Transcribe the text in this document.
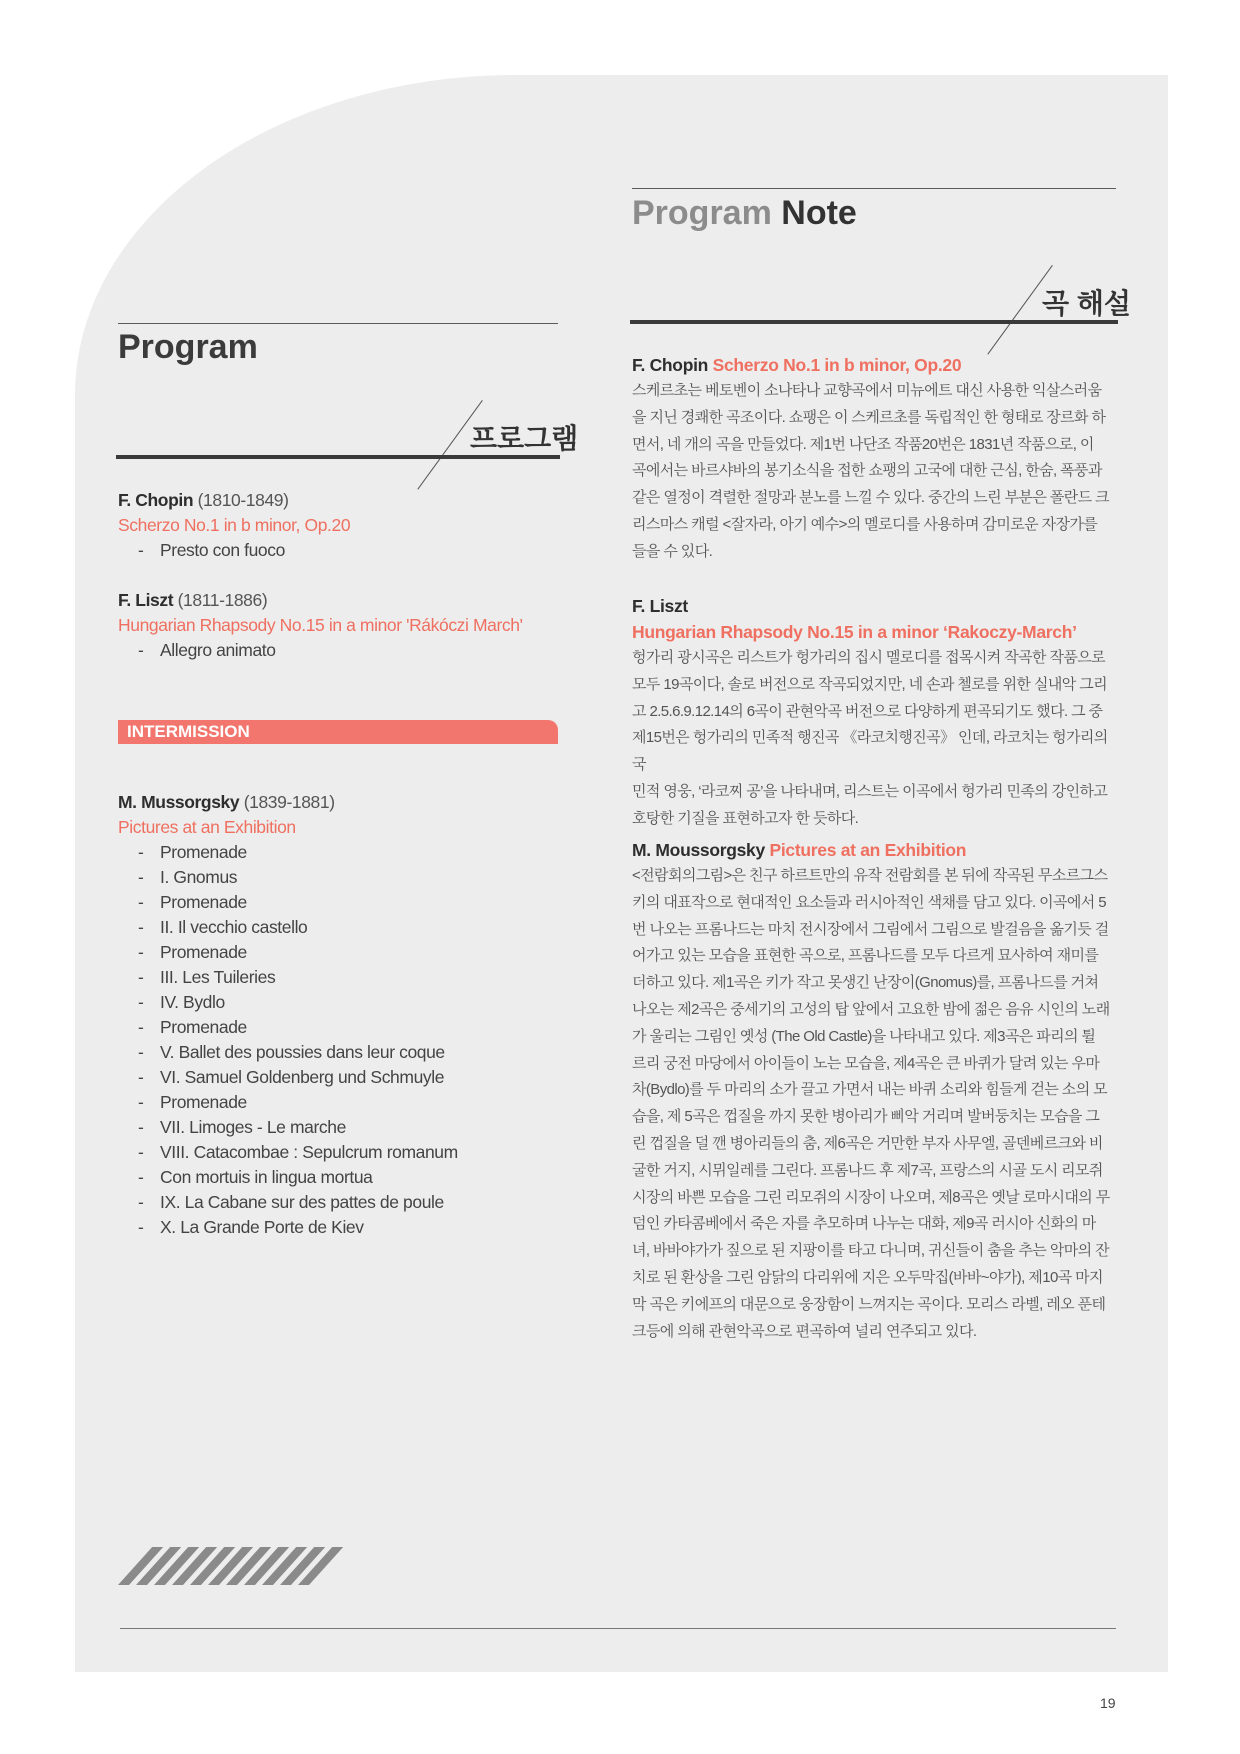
Program
프로그램
F. Chopin (1810-1849)
Scherzo No.1 in b minor, Op.20
- Presto con fuoco
F. Liszt (1811-1886)
Hungarian Rhapsody No.15 in a minor 'Rákóczi March'
- Allegro animato
INTERMISSION
M. Mussorgsky (1839-1881)
Pictures at an Exhibition
- Promenade
- I. Gnomus
- Promenade
- II. Il vecchio castello
- Promenade
- III. Les Tuileries
- IV. Bydlo
- Promenade
- V. Ballet des poussies dans leur coque
- VI. Samuel Goldenberg und Schmuyle
- Promenade
- VII. Limoges - Le marche
- VIII. Catacombae : Sepulcrum romanum
- Con mortuis in lingua mortua
- IX. La Cabane sur des pattes de poule
- X. La Grande Porte de Kiev
Program Note
곡 해설
F. Chopin Scherzo No.1 in b minor, Op.20

스케르초는 베토벤이 소나타나 교향곡에서 미뉴에트 대신 사용한 익살스러움

을 지닌 경쾌한 곡조이다. 쇼팽은 이 스케르초를 독립적인 한 형태로 장르화 하

면서, 네 개의 곡을 만들었다. 제1번 나단조 작품20번은 1831년 작품으로, 이

곡에서는 바르샤바의 봉기소식을 접한 쇼팽의 고국에 대한 근심, 한숨, 폭풍과

같은 열정이 격렬한 절망과 분노를 느낄 수 있다. 중간의 느린 부분은 폴란드 크

리스마스 캐럴 <잘자라, 아기 예수>의 멜로디를 사용하며 감미로운 자장가를

들을 수 있다.

F. Liszt
Hungarian Rhapsody No.15 in a minor ‘Rakoczy-March’

헝가리 광시곡은 리스트가 헝가리의 집시 멜로디를 접목시켜 작곡한 작품으로

모두 19곡이다, 솔로 버전으로 작곡되었지만, 네 손과 첼로를 위한 실내악 그리

고 2.5.6.9.12.14의 6곡이 관현악곡 버전으로 다양하게 편곡되기도 했다. 그 중

제15번은 헝가리의 민족적 행진곡 《라코치행진곡》 인데, 라코치는 헝가리의 국

민적 영웅, ‘라코찌 공’을 나타내며, 리스트는 이곡에서 헝가리 민족의 강인하고

호탕한 기질을 표현하고자 한 듯하다.

M. Moussorgsky Pictures at an Exhibition

<전람회의그림>은 친구 하르트만의 유작 전람회를 본 뒤에 작곡된 무소르그스

키의 대표작으로 현대적인 요소들과 러시아적인 색채를 담고 있다. 이곡에서 5

번 나오는 프롬나드는 마치 전시장에서 그림에서 그림으로 발걸음을 옮기듯 걸

어가고 있는 모습을 표현한 곡으로, 프롬나드를 모두 다르게 묘사하여 재미를

더하고 있다. 제1곡은 키가 작고 못생긴 난장이(Gnomus)를, 프롬나드를 거쳐

나오는 제2곡은 중세기의 고성의 탑 앞에서 고요한 밤에 젊은 음유 시인의 노래

가 울리는 그림인 옛성 (The Old Castle)을 나타내고 있다. 제3곡은 파리의 튈

르리 궁전 마당에서 아이들이 노는 모습을, 제4곡은 큰 바퀴가 달려 있는 우마

차(Bydlo)를 두 마리의 소가 끌고 가면서 내는 바퀴 소리와 힘들게 걷는 소의 모

습을, 제 5곡은 껍질을 까지 못한 병아리가 삐악 거리며 발버둥치는 모습을 그

린 껍질을 덜 깬 병아리들의 춤, 제6곡은 거만한 부자 사무엘, 골덴베르크와 비

굴한 거지, 시뮈일레를 그린다. 프롬나드 후 제7곡, 프랑스의 시골 도시 리모쥐

시장의 바쁜 모습을 그린 리모쥐의 시장이 나오며, 제8곡은 옛날 로마시대의 무

덤인 카타콤베에서 죽은 자를 추모하며 나누는 대화, 제9곡 러시아 신화의 마

녀, 바바야가가 짚으로 된 지팡이를 타고 다니며, 귀신들이 춤을 추는 악마의 잔

치로 된 환상을 그린 암닭의 다리위에 지은 오두막집(바바~야가), 제10곡 마지

막 곡은 키에프의 대문으로 웅장함이 느껴지는 곡이다. 모리스 라벨, 레오 푼테

크등에 의해 관현악곡으로 편곡하여 널리 연주되고 있다.

19
